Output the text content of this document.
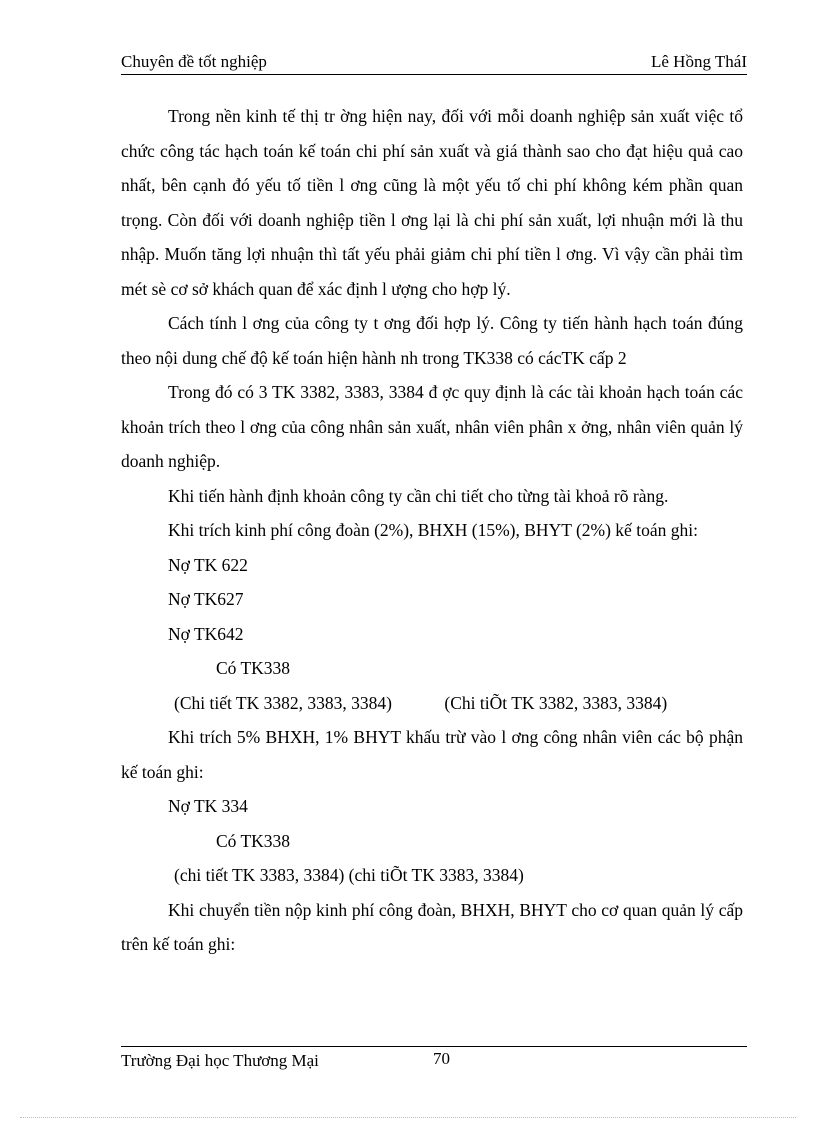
Chuyên đề tốt nghiệp	Lê Hồng TháI

Trong nền kinh tế thị tr ờng hiện nay, đối với mỗi doanh nghiệp sản xuất việc tổ chức công tác hạch toán kế toán chi phí sản xuất và giá thành sao cho đạt hiệu quả cao nhất, bên cạnh đó yếu tố tiền l ơng cũng là một yếu tố chi phí không kém phần quan trọng. Còn đối với doanh nghiệp tiền l ơng lại là chi phí sản xuất, lợi nhuận mới là thu nhập. Muốn tăng lợi nhuận thì tất yếu phải giảm chi phí tiền l ơng. Vì vậy cần phải tìm mét sè cơ sở khách quan để xác định l ượng cho hợp lý.

Cách tính l ơng của công ty t ơng đối hợp lý. Công ty tiến hành hạch toán đúng theo nội dung chế độ kế toán hiện hành nh trong TK338 có cácTK cấp 2

Trong đó có 3 TK 3382, 3383, 3384 đ ợc quy định là các tài khoản hạch toán các khoản trích theo l ơng của công nhân sản xuất, nhân viên phân x ởng, nhân viên quản lý doanh nghiệp.

Khi tiến hành định khoản công ty cần chi tiết cho từng tài khoả rõ ràng.

Khi trích kinh phí công đoàn (2%), BHXH (15%), BHYT (2%) kế toán ghi:

Nợ TK 622

Nợ TK627

Nợ TK642

Có TK338

(Chi tiết TK 3382, 3383, 3384)            (Chi tiÕt TK 3382, 3383, 3384)

Khi trích 5% BHXH, 1% BHYT khấu trừ vào l ơng công nhân viên các bộ phận kế toán ghi:

Nợ TK 334

Có TK338

(chi tiết TK 3383, 3384) (chi tiÕt TK 3383, 3384)

Khi chuyển tiền nộp kinh phí công đoàn, BHXH, BHYT cho cơ quan quản lý cấp trên kế toán ghi:

Trường Đại học Thương Mại	70
